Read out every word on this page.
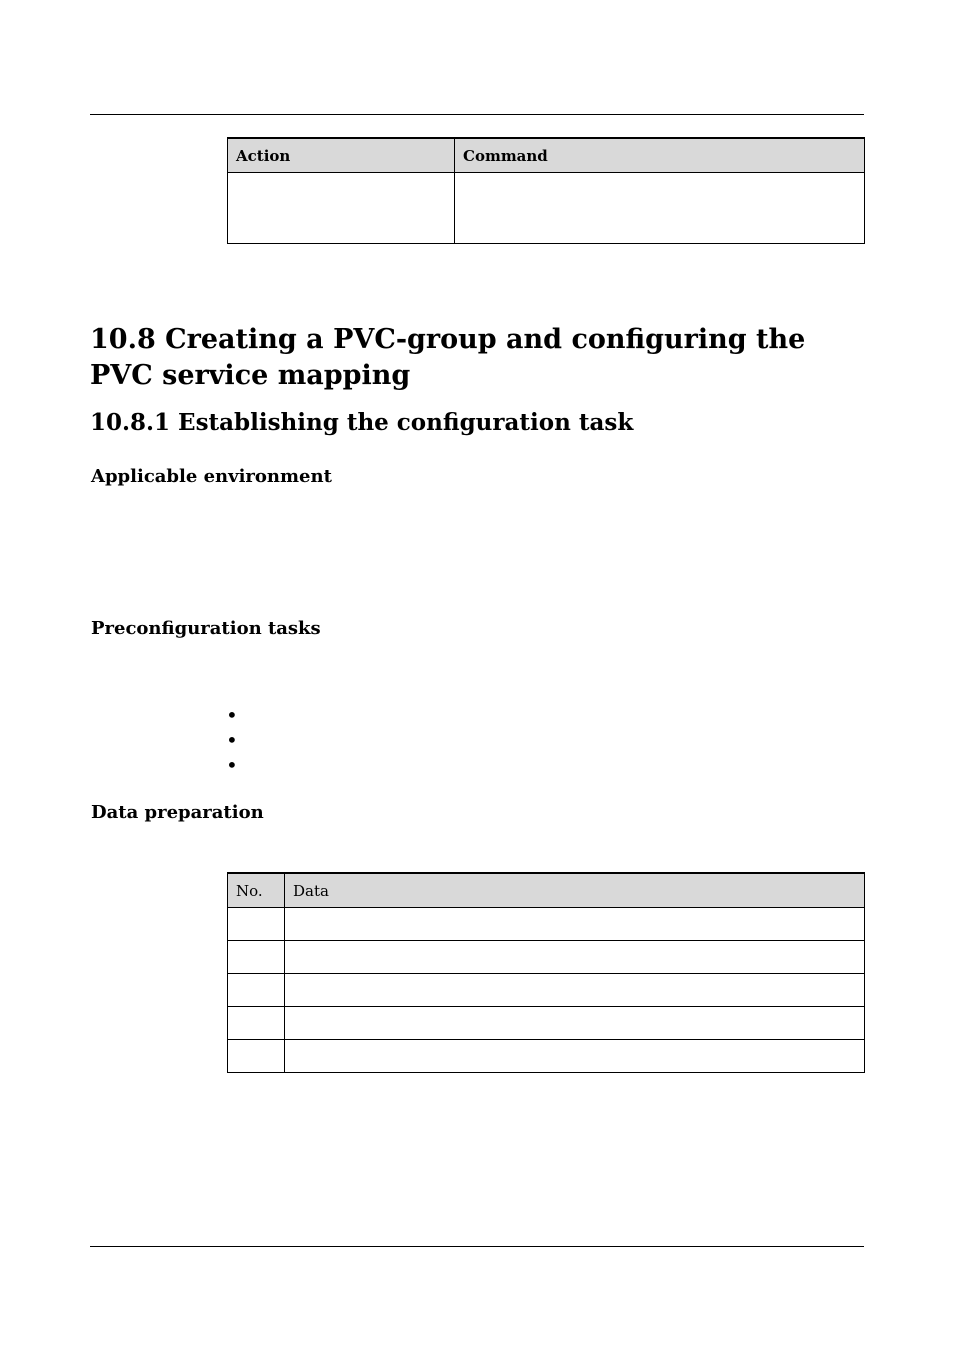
Action	Command

10.8 Creating a PVC-group and configuring the PVC service mapping
10.8.1 Establishing the configuration task
Applicable environment
Preconfiguration tasks
Data preparation
No.	Data
